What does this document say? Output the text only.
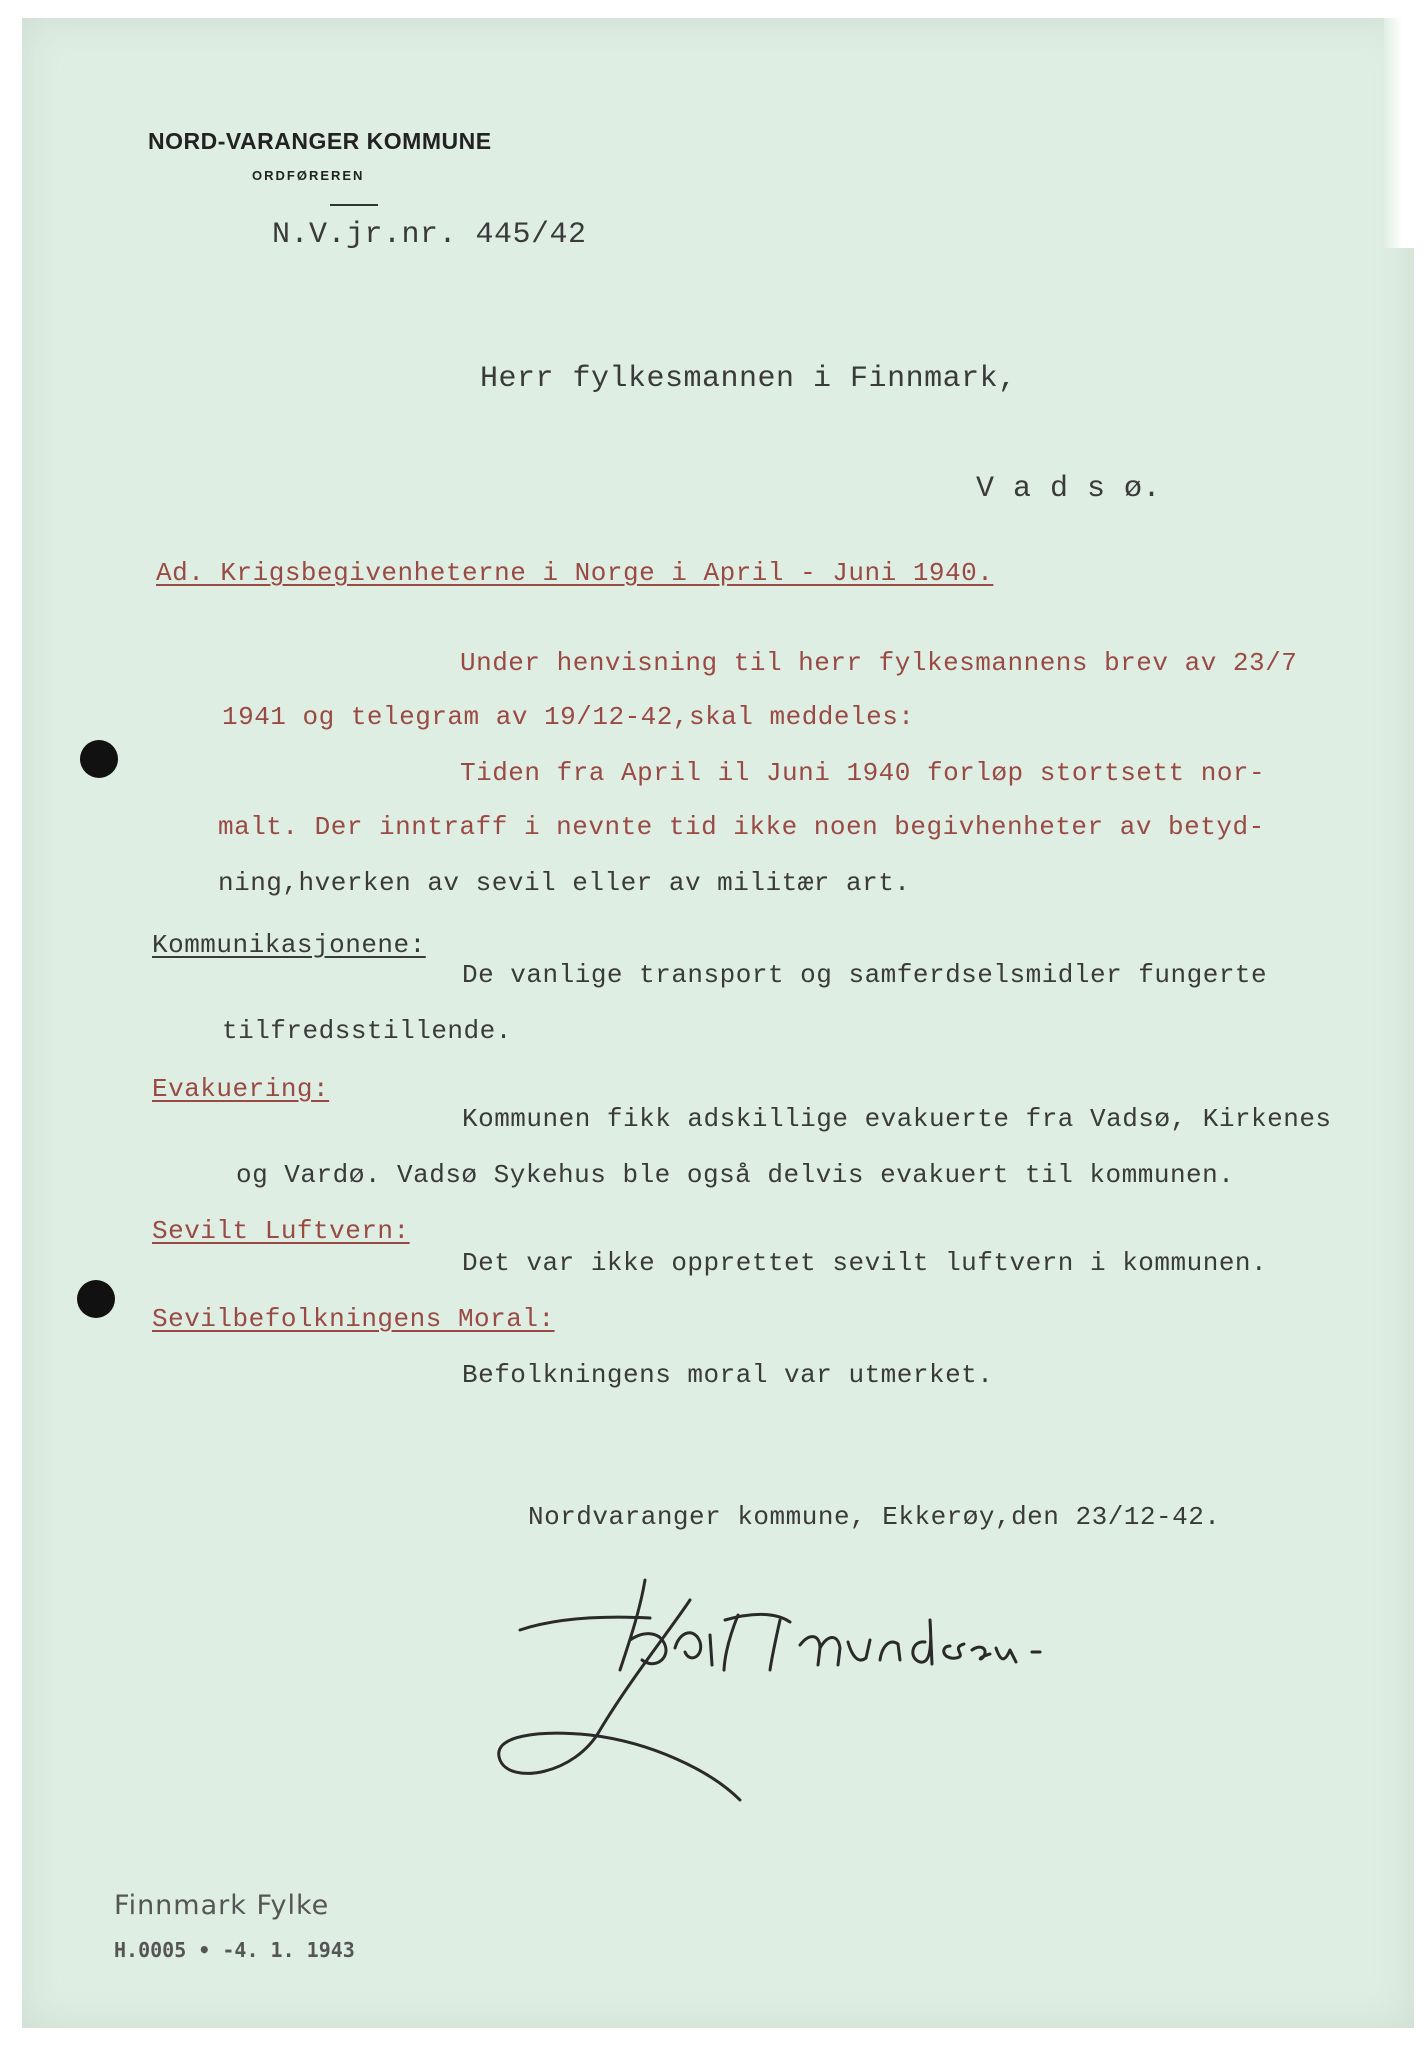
NORD-VARANGER KOMMUNE
ORDFØREREN
N.V.jr.nr. 445/42
Herr fylkesmannen i Finnmark,
V a d s ø.
Ad. Krigsbegivenheterne i Norge i April - Juni 1940.
Under henvisning til herr fylkesmannens brev av 23/7
1941 og telegram av 19/12-42,skal meddeles:
Tiden fra April il Juni 1940 forløp stortsett nor-
malt. Der inntraff i nevnte tid ikke noen begivhenheter av betyd-
ning,hverken av sevil eller av militær art.
Kommunikasjonene:
De vanlige transport og samferdselsmidler fungerte
tilfredsstillende.
Evakuering:
Kommunen fikk adskillige evakuerte fra Vadsø, Kirkenes
og Vardø. Vadsø Sykehus ble også delvis evakuert til kommunen.
Sevilt Luftvern:
Det var ikke opprettet sevilt luftvern i kommunen.
Sevilbefolkningens Moral:
Befolkningens moral var utmerket.
Nordvaranger kommune, Ekkerøy,den 23/12-42.
Finnmark Fylke
H.0005 • -4. 1. 1943
